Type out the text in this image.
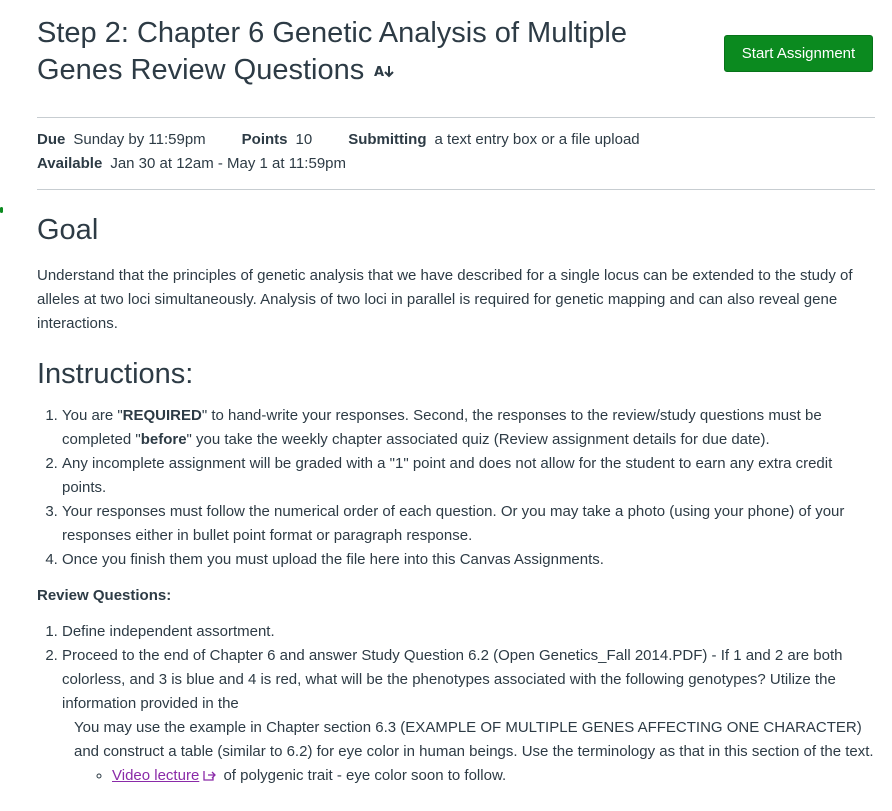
Step 2: Chapter 6 Genetic Analysis of Multiple Genes Review Questions A
Start Assignment
Due Sunday by 11:59pm Points 10 Submitting a text entry box or a file upload
Available Jan 30 at 12am - May 1 at 11:59pm
Goal

Understand that the principles of genetic analysis that we have described for a single locus can be extended to the study of alleles at two loci simultaneously. Analysis of two loci in parallel is required for genetic mapping and can also reveal gene interactions.

Instructions:
1. You are "REQUIRED" to hand-write your responses. Second, the responses to the review/study questions must be completed "before" you take the weekly chapter associated quiz (Review assignment details for due date).
2. Any incomplete assignment will be graded with a "1" point and does not allow for the student to earn any extra credit points.
3. Your responses must follow the numerical order of each question. Or you may take a photo (using your phone) of your responses either in bullet point format or paragraph response.
4. Once you finish them you must upload the file here into this Canvas Assignments.

Review Questions:

1. Define independent assortment.
2. Proceed to the end of Chapter 6 and answer Study Question 6.2 (Open Genetics_Fall 2014.PDF) - If 1 and 2 are both colorless, and 3 is blue and 4 is red, what will be the phenotypes associated with the following genotypes? Utilize the information provided in the
You may use the example in Chapter section 6.3 (EXAMPLE OF MULTIPLE GENES AFFECTING ONE CHARACTER) and construct a table (similar to 6.2) for eye color in human beings. Use the terminology as that in this section of the text.
◦ Video lecture of polygenic trait - eye color soon to follow.
